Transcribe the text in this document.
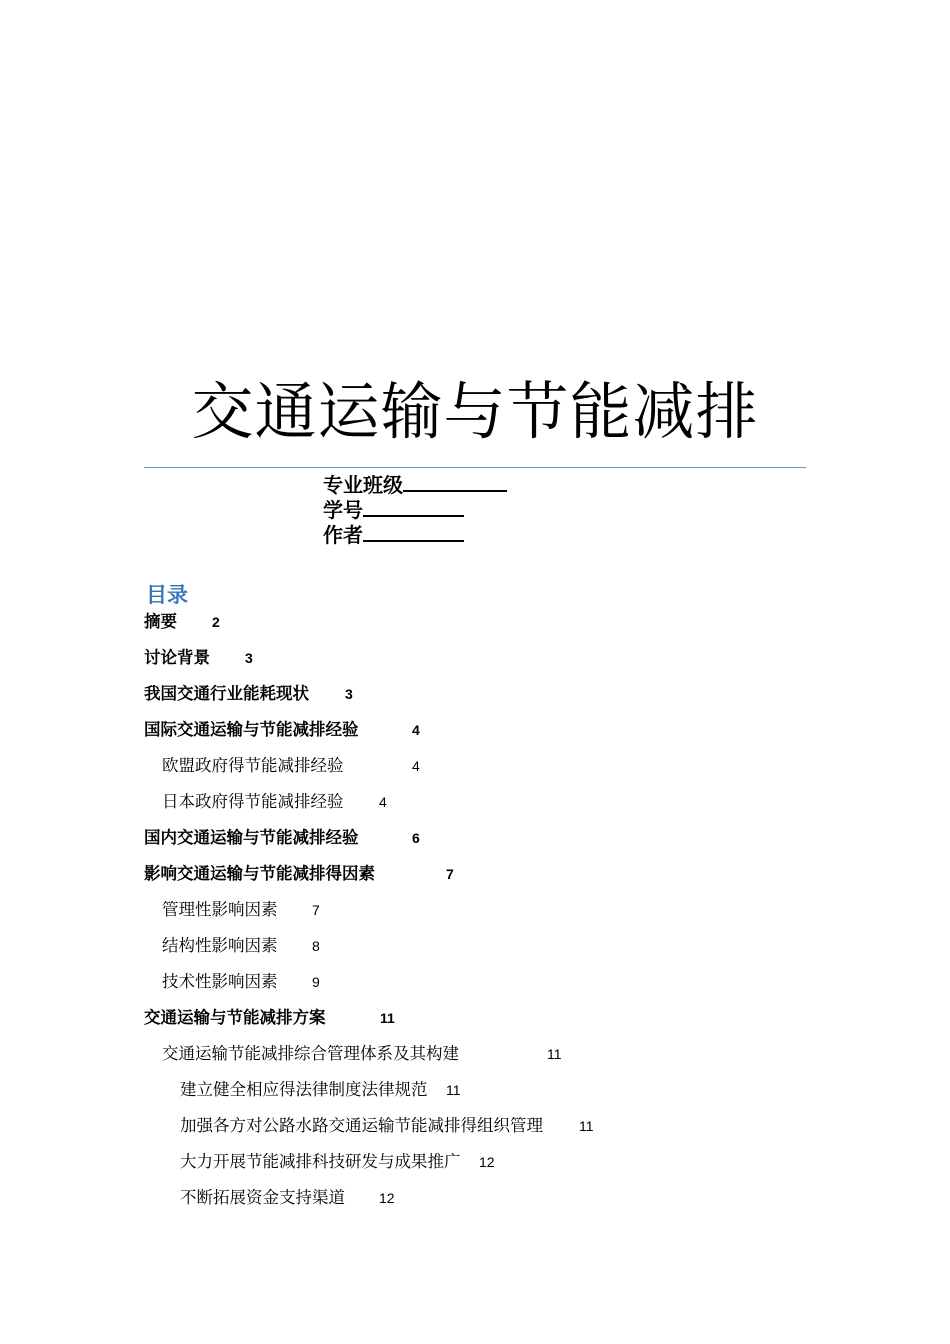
交通运输与节能减排
专业班级
学号
作者
目录
摘要	2
讨论背景	3
我国交通行业能耗现状	3
国际交通运输与节能减排经验	4
欧盟政府得节能减排经验	4
日本政府得节能减排经验	4
国内交通运输与节能减排经验	6
影响交通运输与节能减排得因素	7
管理性影响因素 7
结构性影响因素 8
技术性影响因素 9
交通运输与节能减排方案	11
交通运输节能减排综合管理体系及其构建	11
建立健全相应得法律制度法律规范 11
加强各方对公路水路交通运输节能减排得组织管理	11
大力开展节能减排科技研发与成果推广 12
不断拓展资金支持渠道 12
